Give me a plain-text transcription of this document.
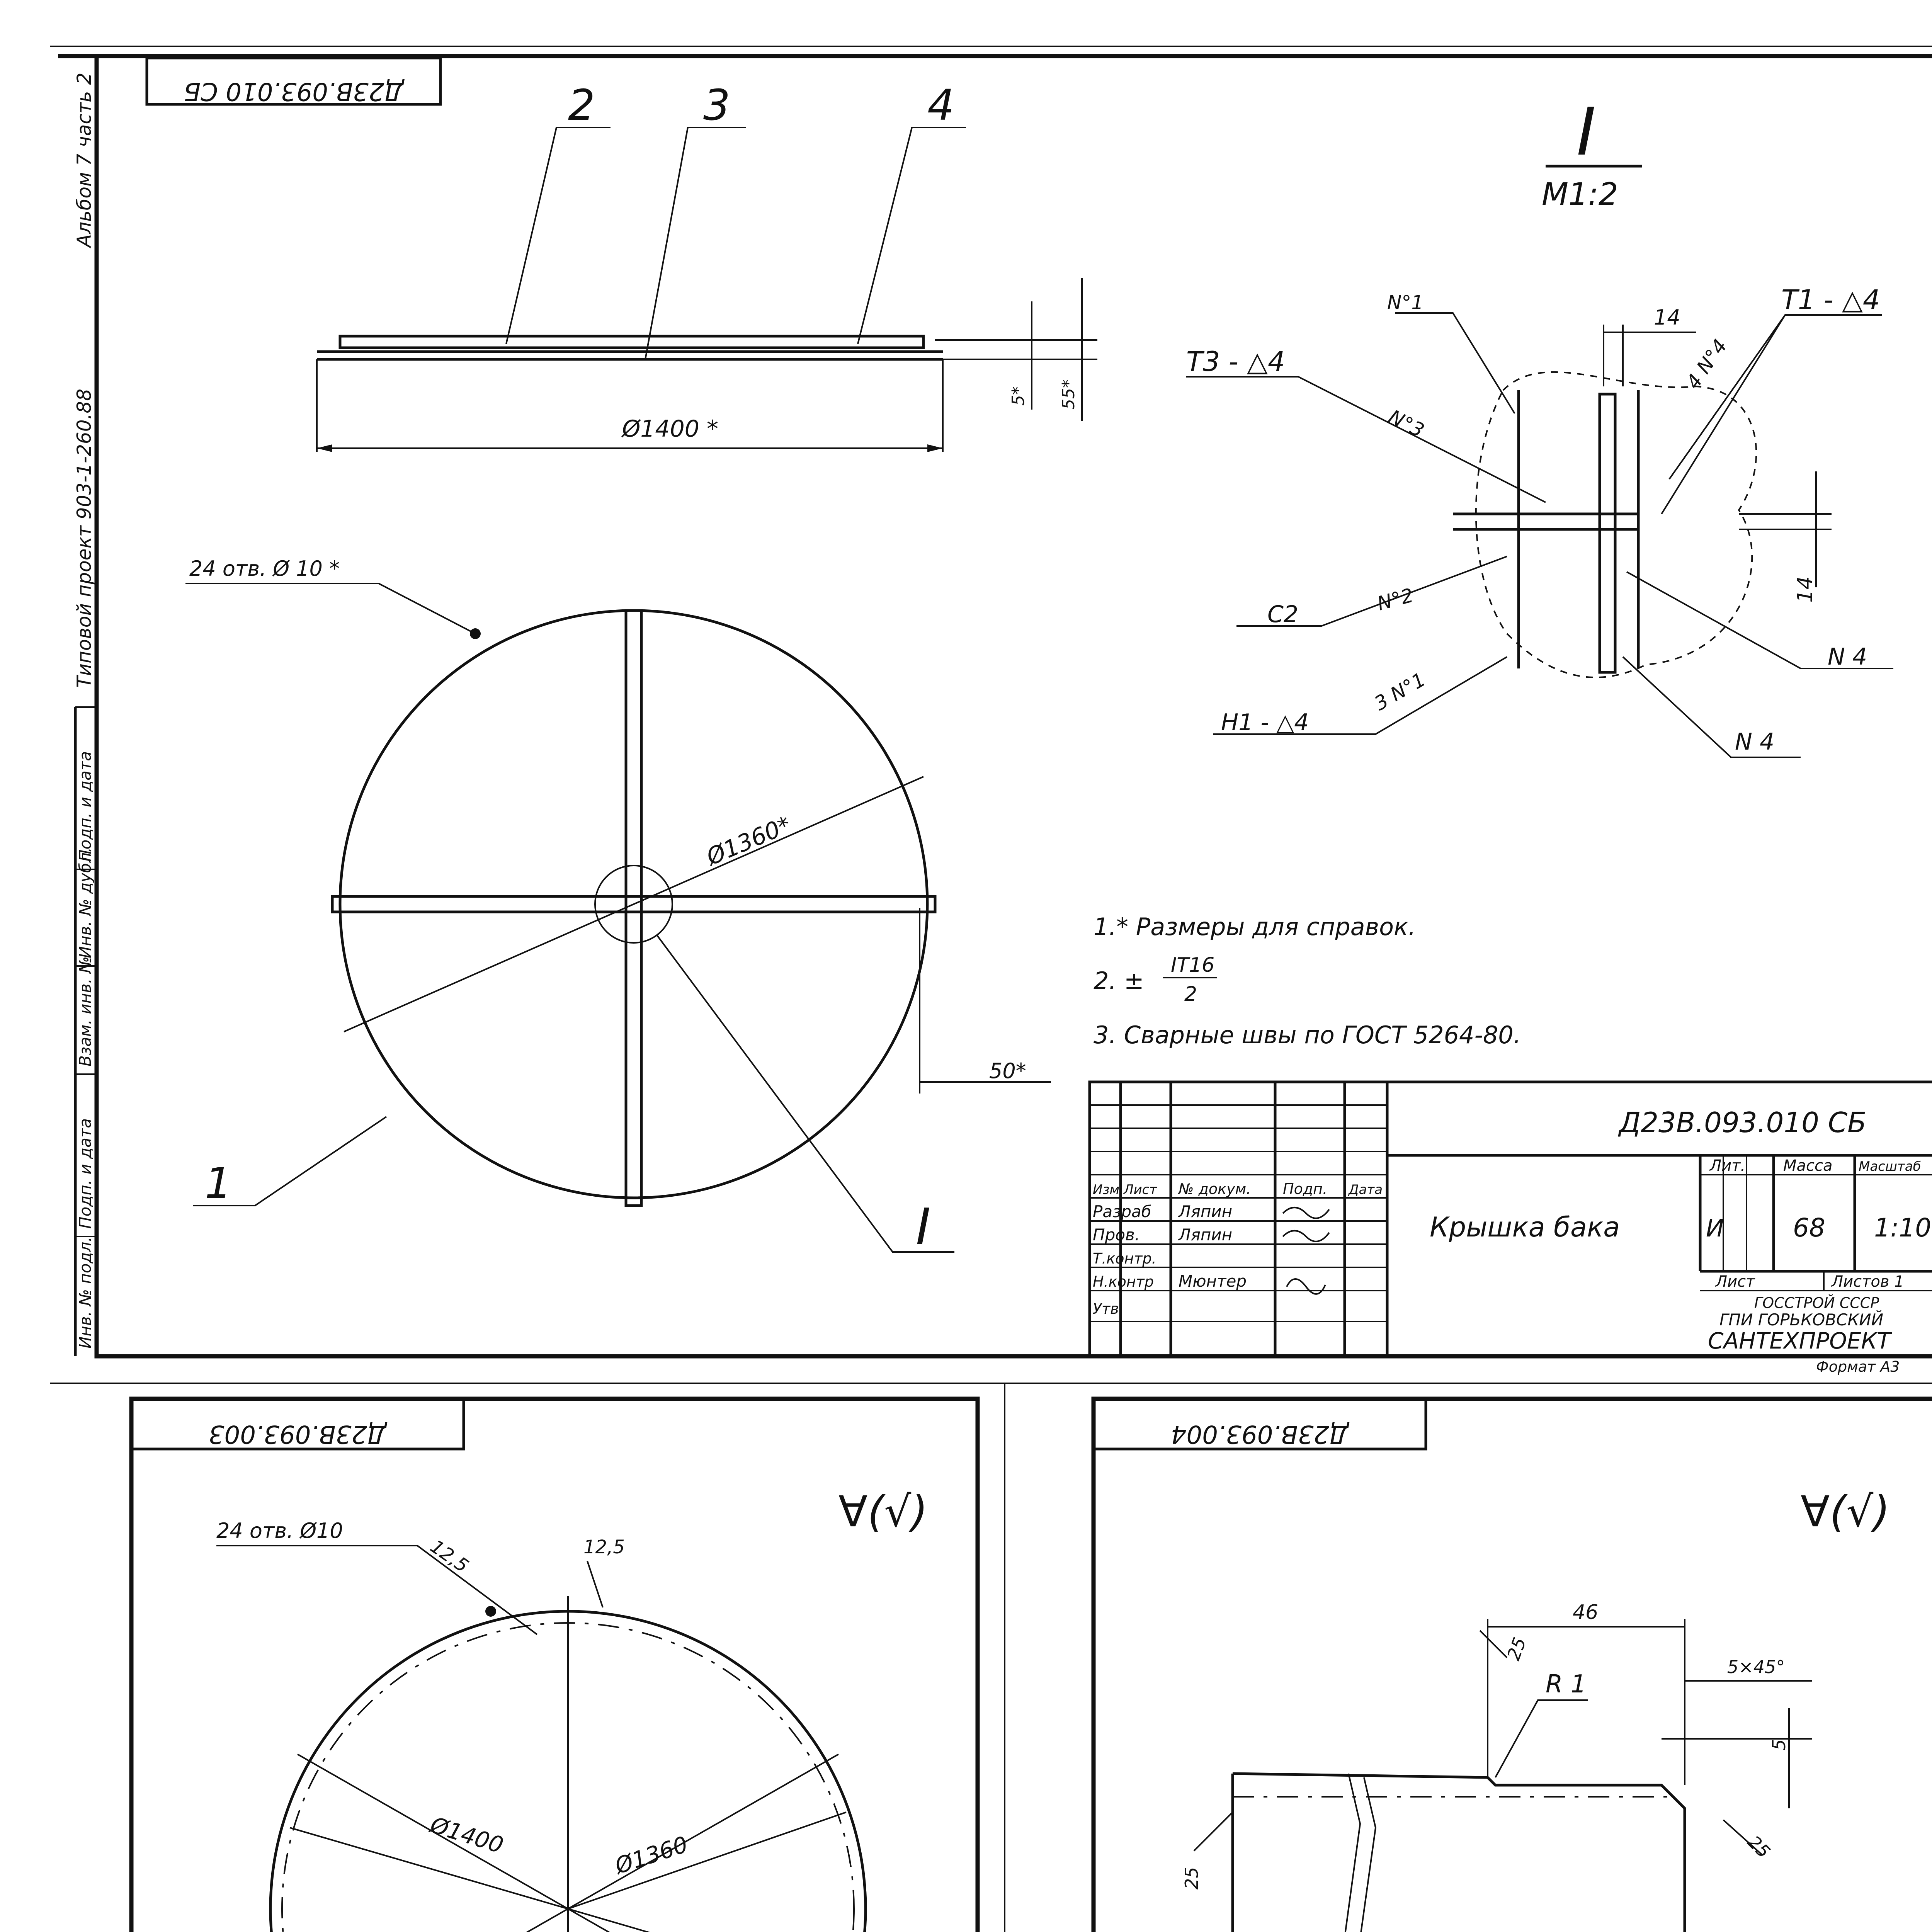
Инв. № подл.
Подп. и дата
Взам. инв. №
Инв. № дубл.
Подп. и дата
Типовой проект 903-1-260.88
Альбом 7 часть 2	Д23В.093.010 СБ
Ø1400 *
5* 55*
2	3	4
24 отв. Ø 10 *
Ø1360*
1
I
50*
I
М1:2
N°1	Т1 - △4
Т3 - △4
N°3
4 N°4
14
14
С2	N°2
N 4
Н1 - △4
3 N°1
N 4
1.* Размеры для справок.
2. ±
IT16
2
3. Сварные швы по ГОСТ 5264-80.
Изм Лист № докум. Подп. Дата
Разраб Ляпин
Пров. Ляпин
Т.контр.
Н.контр Мюнтер
Утв.
Д23В.093.010 СБ
Крышка бака
Лит. Масса Масштаб
И	68 1:10
Лист	Листов 1
ГОССТРОЙ СССР
ГПИ ГОРЬКОВСКИЙ
САНТЕХПРОЕКТ
Формат А3
Д23В.093.003
∀(√)
24 отв. Ø10
12,5	12,5
Ø1400	Ø1360
Д23В.093.004
∀(√)
46
25
R 1
5×45°
5
25
25
